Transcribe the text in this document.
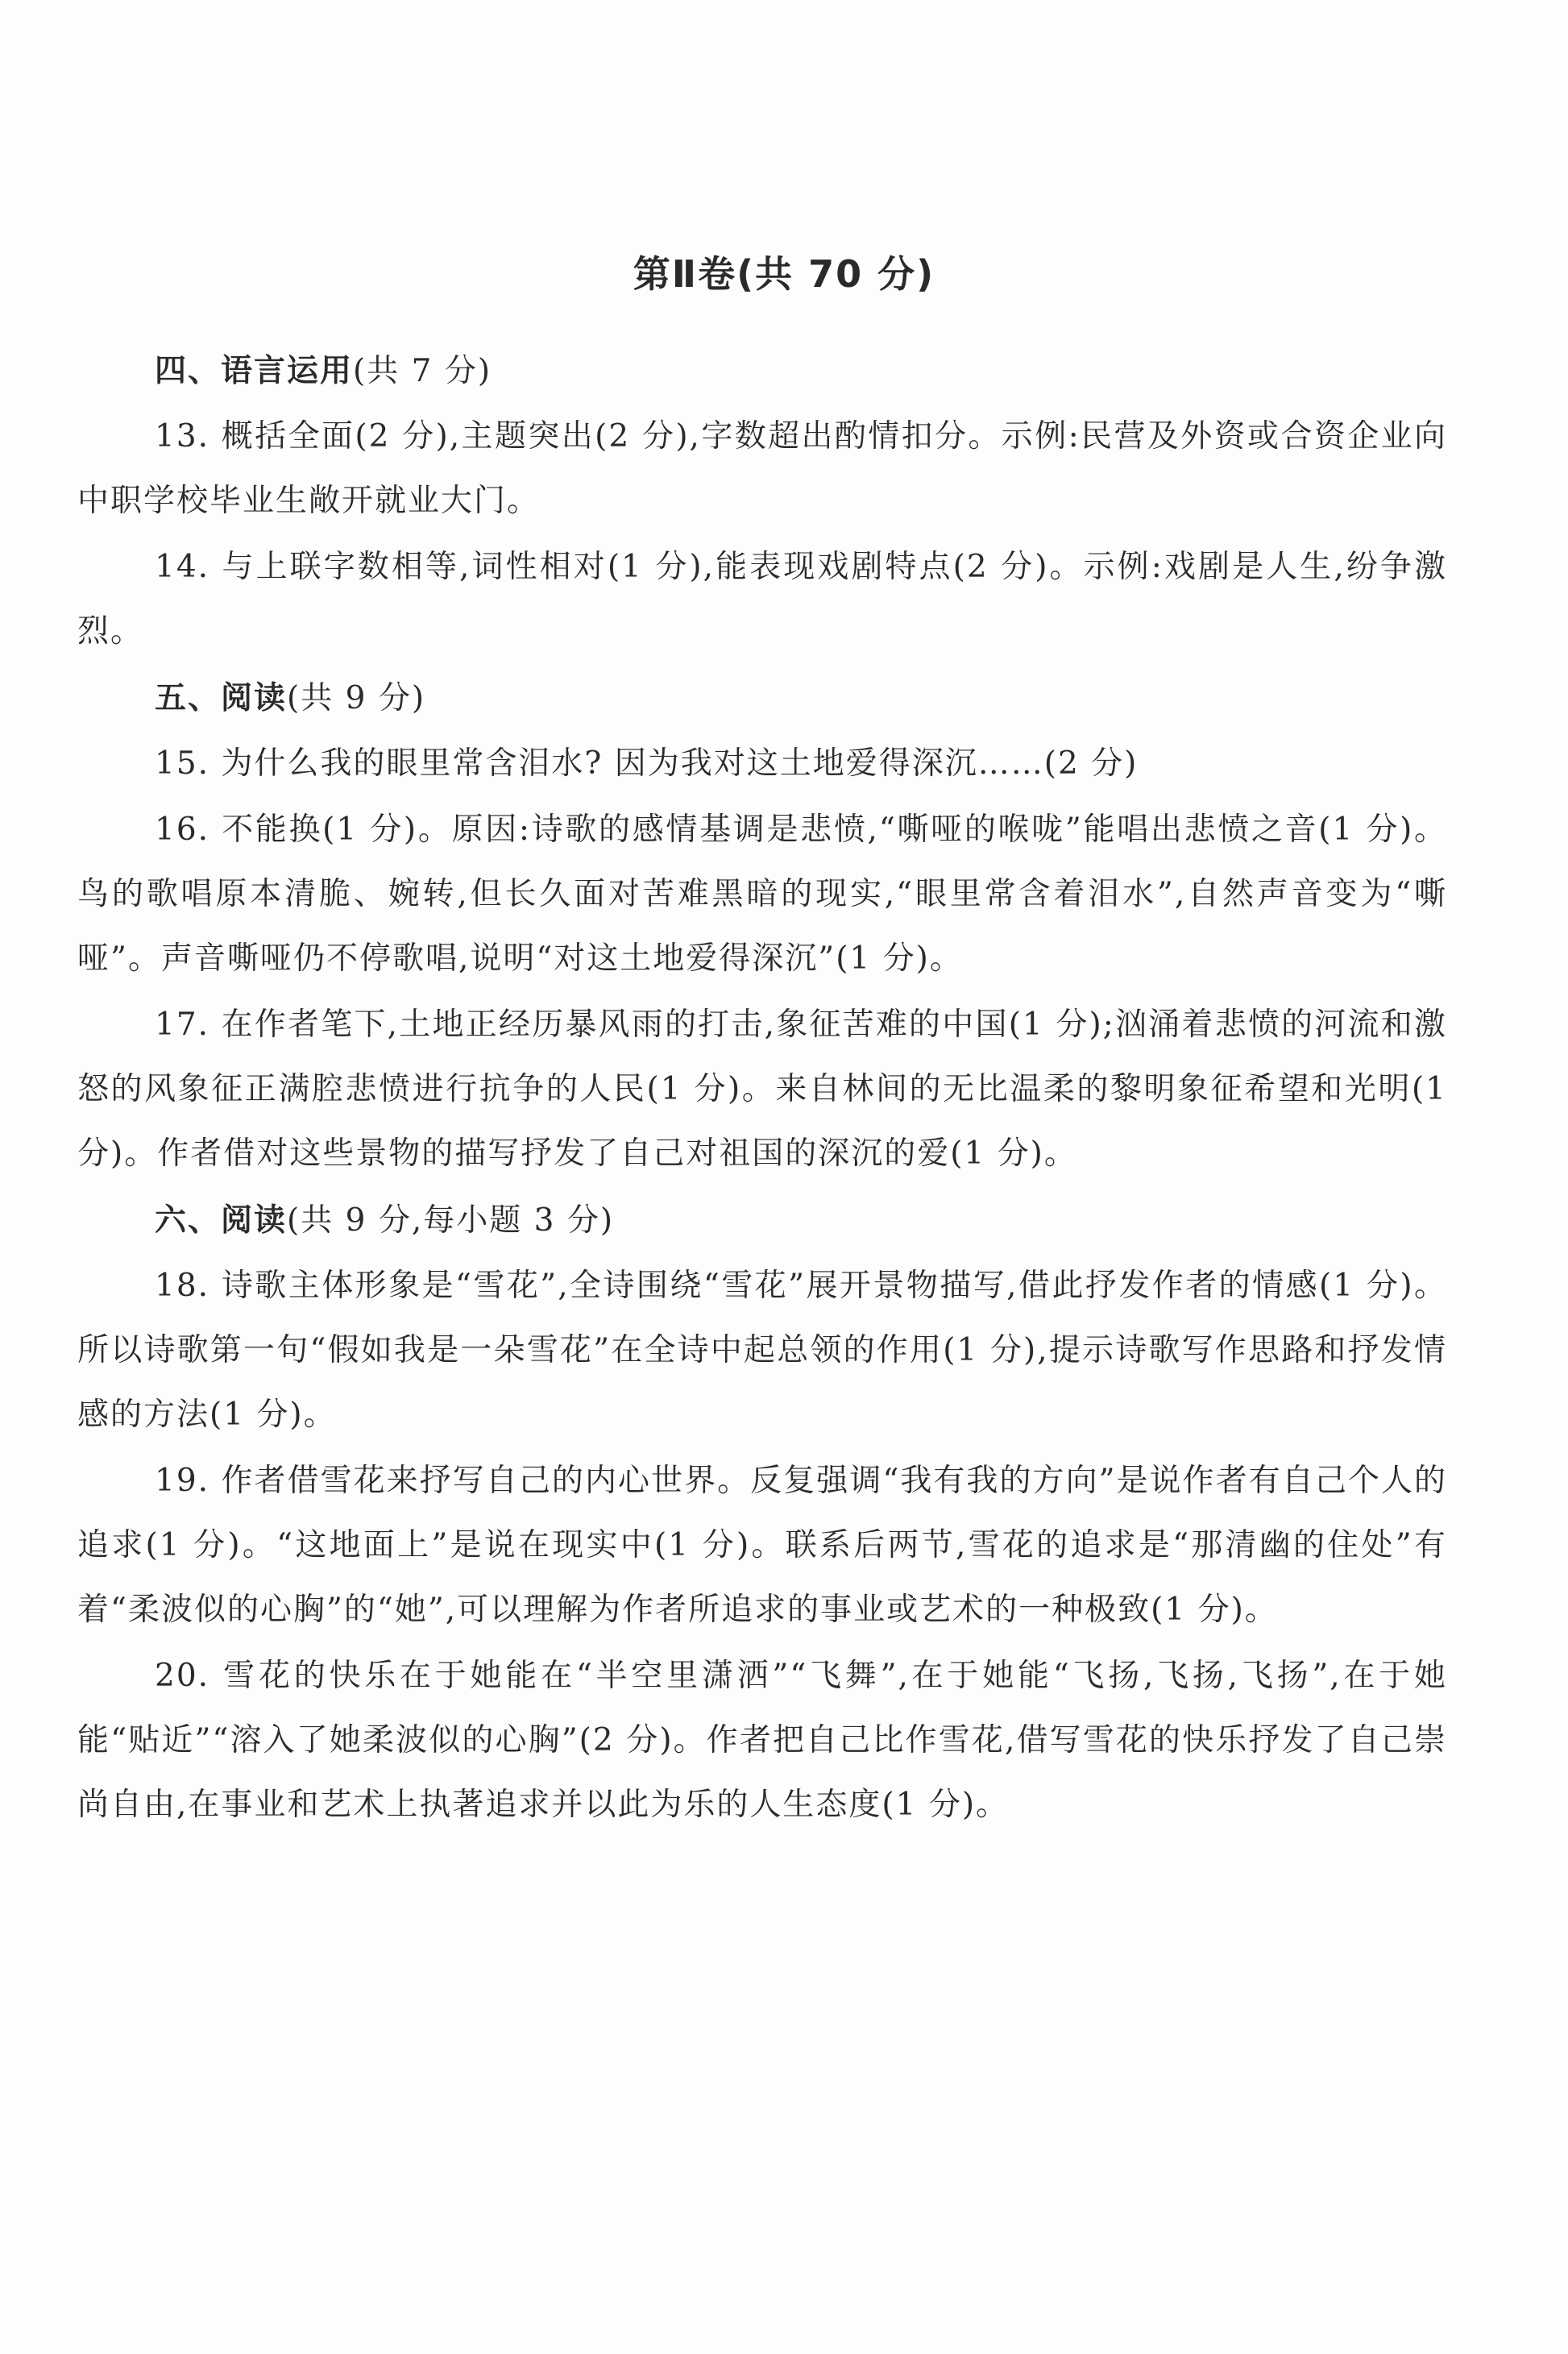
第Ⅱ卷(共 70 分)
四、语言运用(共 7 分)

13. 概括全面(2 分),主题突出(2 分),字数超出酌情扣分。示例:民营及外资或合资企业向中职学校毕业生敞开就业大门。

14. 与上联字数相等,词性相对(1 分),能表现戏剧特点(2 分)。示例:戏剧是人生,纷争激烈。

五、阅读(共 9 分)

15. 为什么我的眼里常含泪水? 因为我对这土地爱得深沉……(2 分)

16. 不能换(1 分)。原因:诗歌的感情基调是悲愤,“嘶哑的喉咙”能唱出悲愤之音(1 分)。鸟的歌唱原本清脆、婉转,但长久面对苦难黑暗的现实,“眼里常含着泪水”,自然声音变为“嘶哑”。声音嘶哑仍不停歌唱,说明“对这土地爱得深沉”(1 分)。

17. 在作者笔下,土地正经历暴风雨的打击,象征苦难的中国(1 分);汹涌着悲愤的河流和激怒的风象征正满腔悲愤进行抗争的人民(1 分)。来自林间的无比温柔的黎明象征希望和光明(1 分)。作者借对这些景物的描写抒发了自己对祖国的深沉的爱(1 分)。

六、阅读(共 9 分,每小题 3 分)

18. 诗歌主体形象是“雪花”,全诗围绕“雪花”展开景物描写,借此抒发作者的情感(1 分)。所以诗歌第一句“假如我是一朵雪花”在全诗中起总领的作用(1 分),提示诗歌写作思路和抒发情感的方法(1 分)。

19. 作者借雪花来抒写自己的内心世界。反复强调“我有我的方向”是说作者有自己个人的追求(1 分)。“这地面上”是说在现实中(1 分)。联系后两节,雪花的追求是“那清幽的住处”有着“柔波似的心胸”的“她”,可以理解为作者所追求的事业或艺术的一种极致(1 分)。

20. 雪花的快乐在于她能在“半空里潇洒”“飞舞”,在于她能“飞扬,飞扬,飞扬”,在于她能“贴近”“溶入了她柔波似的心胸”(2 分)。作者把自己比作雪花,借写雪花的快乐抒发了自己崇尚自由,在事业和艺术上执著追求并以此为乐的人生态度(1 分)。
